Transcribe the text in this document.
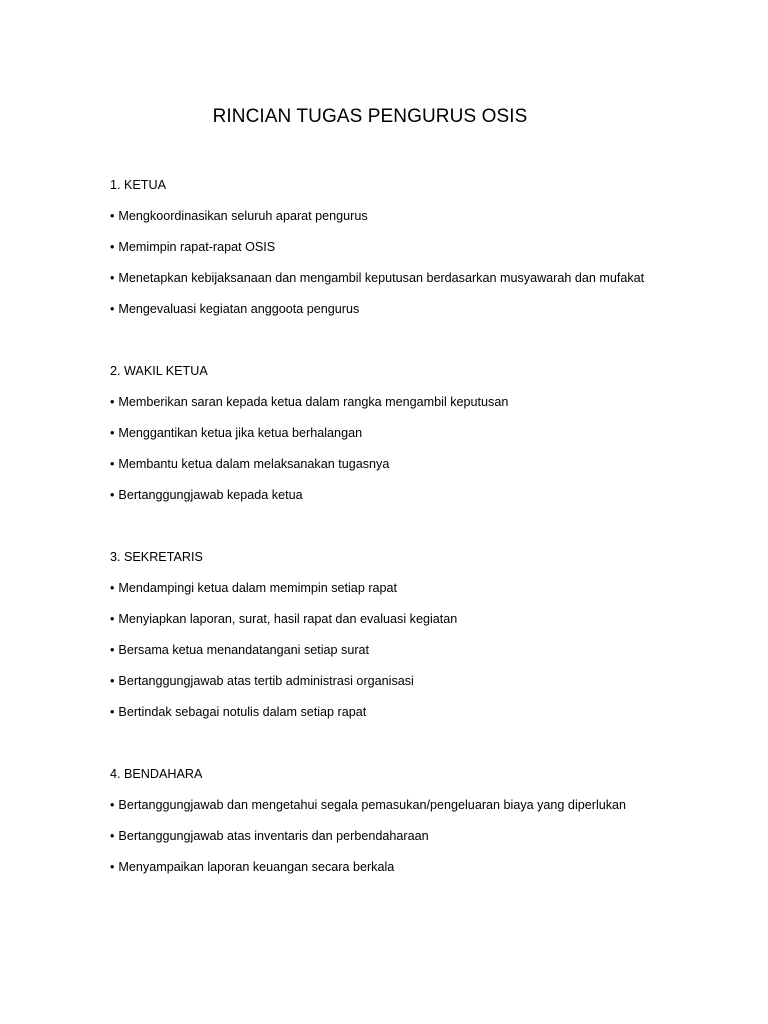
RINCIAN TUGAS PENGURUS OSIS
1. KETUA
• Mengkoordinasikan seluruh aparat pengurus
• Memimpin rapat-rapat OSIS
• Menetapkan kebijaksanaan dan mengambil keputusan berdasarkan musyawarah dan mufakat
• Mengevaluasi kegiatan anggoota pengurus
2. WAKIL KETUA
• Memberikan saran kepada ketua dalam rangka mengambil keputusan
• Menggantikan ketua jika ketua berhalangan
• Membantu ketua dalam melaksanakan tugasnya
• Bertanggungjawab kepada ketua
3. SEKRETARIS
• Mendampingi ketua dalam memimpin setiap rapat
• Menyiapkan laporan, surat, hasil rapat dan evaluasi kegiatan
• Bersama ketua menandatangani setiap surat
• Bertanggungjawab atas tertib administrasi organisasi
• Bertindak sebagai notulis dalam setiap rapat
4. BENDAHARA
• Bertanggungjawab dan mengetahui segala pemasukan/pengeluaran biaya yang diperlukan
• Bertanggungjawab atas inventaris dan perbendaharaan
• Menyampaikan laporan keuangan secara berkala
